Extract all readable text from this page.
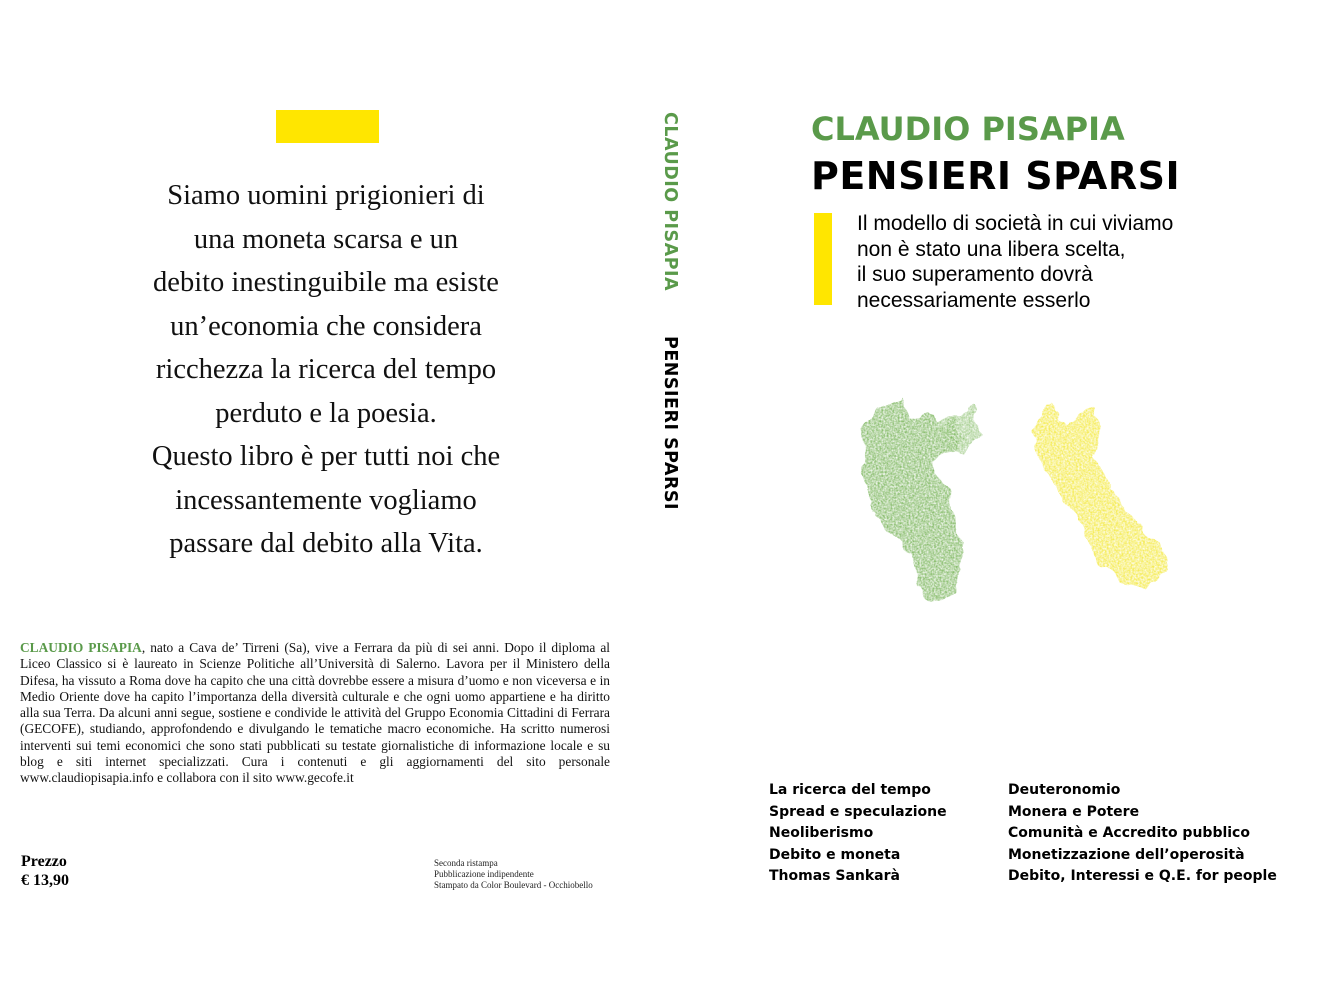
Siamo uomini prigionieri di
una moneta scarsa e un
debito inestinguibile ma esiste
un’economia che considera
ricchezza la ricerca del tempo
perduto e la poesia.
Questo libro è per tutti noi che
incessantemente vogliamo
passare dal debito alla Vita.
CLAUDIO PISAPIA, nato a Cava de’ Tirreni (Sa), vive a Ferrara da più di sei anni. Dopo il diploma al Liceo Classico si è laureato in Scienze Politiche all’Università di Salerno. Lavora per il Ministero della Difesa, ha vissuto a Roma dove ha capito che una città dovrebbe essere a misura d’uomo e non viceversa e in Medio Oriente dove ha capito l’importanza della diversità culturale e che ogni uomo appartiene e ha diritto alla sua Terra. Da alcuni anni segue, sostiene e condivide le attività del Gruppo Economia Cittadini di Ferrara (GECOFE), studiando, approfondendo e divulgando le tematiche macro economiche. Ha scritto numerosi interventi sui temi economici che sono stati pubblicati su testate giornalistiche di informazione locale e su blog e siti internet specializzati. Cura i contenuti e gli aggiornamenti del sito personale www.claudiopisapia.info e collabora con il sito www.gecofe.it
Prezzo
€ 13,90
Seconda ristampa
Pubblicazione indipendente
Stampato da Color Boulevard - Occhiobello
CLAUDIO PISAPIA
PENSIERI SPARSI
CLAUDIO PISAPIA
PENSIERI SPARSI
Il modello di società in cui viviamo
non è stato una libera scelta,
il suo superamento dovrà
necessariamente esserlo
La ricerca del tempo
Spread e speculazione
Neoliberismo
Debito e moneta
Thomas Sankarà
Deuteronomio
Monera e Potere
Comunità e Accredito pubblico
Monetizzazione dell’operosità
Debito, Interessi e Q.E. for people
